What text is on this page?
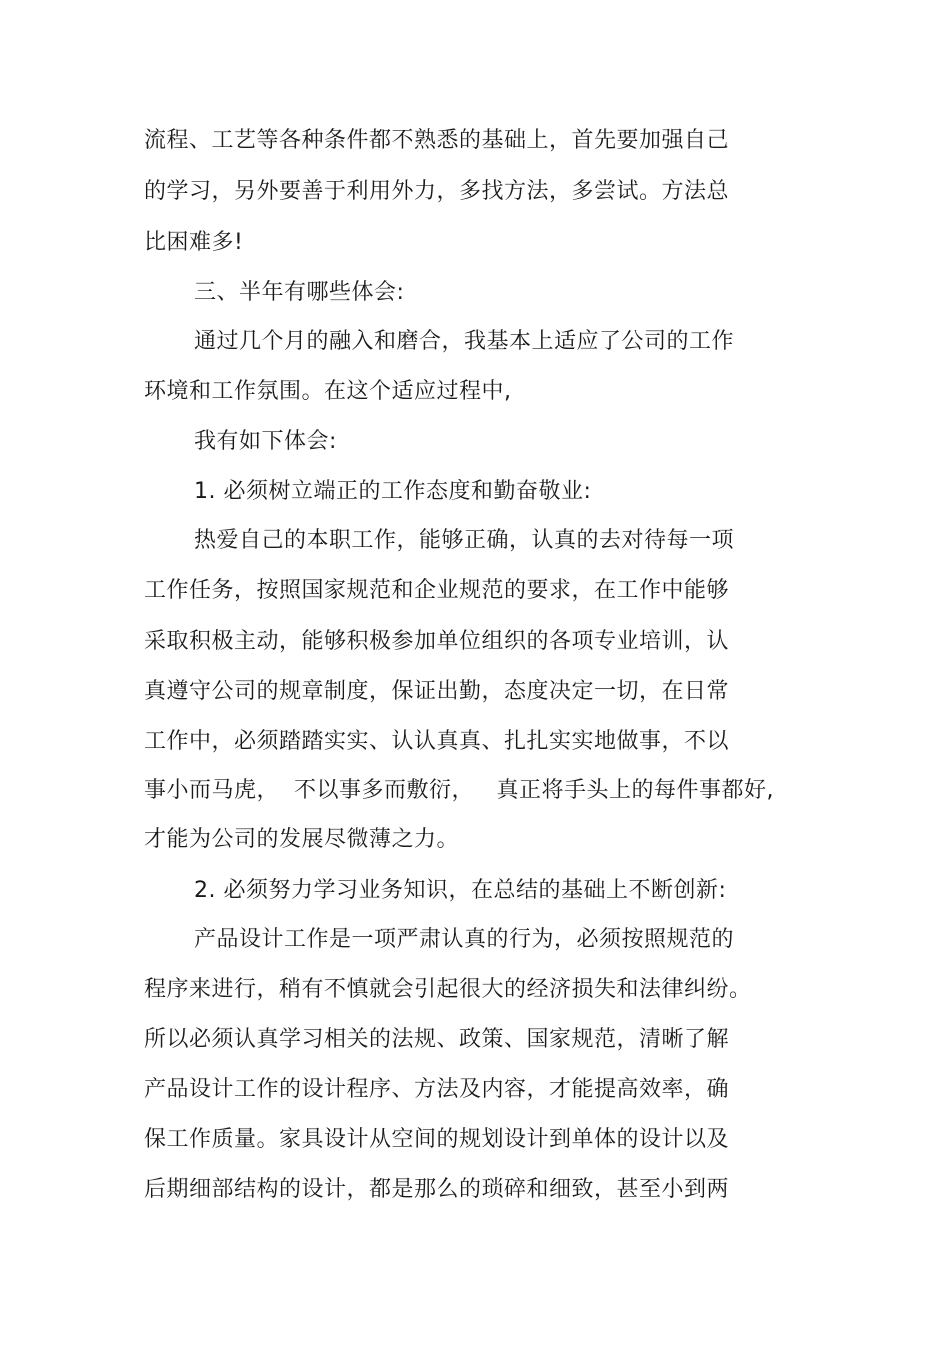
流程、工艺等各种条件都不熟悉的基础上，首先要加强自己
的学习，另外要善于利用外力，多找方法，多尝试。方法总
比困难多!
三、半年有哪些体会:
通过几个月的融入和磨合，我基本上适应了公司的工作
环境和工作氛围。在这个适应过程中,
我有如下体会:
1. 必须树立端正的工作态度和勤奋敬业:
热爱自己的本职工作，能够正确，认真的去对待每一项
工作任务，按照国家规范和企业规范的要求，在工作中能够
采取积极主动，能够积极参加单位组织的各项专业培训，认
真遵守公司的规章制度，保证出勤，态度决定一切，在日常
工作中，必须踏踏实实、认认真真、扎扎实实地做事，不以
事小而马虎，  不以事多而敷衍，   真正将手头上的每件事都好,
才能为公司的发展尽微薄之力。
2. 必须努力学习业务知识，在总结的基础上不断创新:
产品设计工作是一项严肃认真的行为，必须按照规范的
程序来进行，稍有不慎就会引起很大的经济损失和法律纠纷。
所以必须认真学习相关的法规、政策、国家规范，清晰了解
产品设计工作的设计程序、方法及内容，才能提高效率，确
保工作质量。家具设计从空间的规划设计到单体的设计以及
后期细部结构的设计，都是那么的琐碎和细致，甚至小到两
